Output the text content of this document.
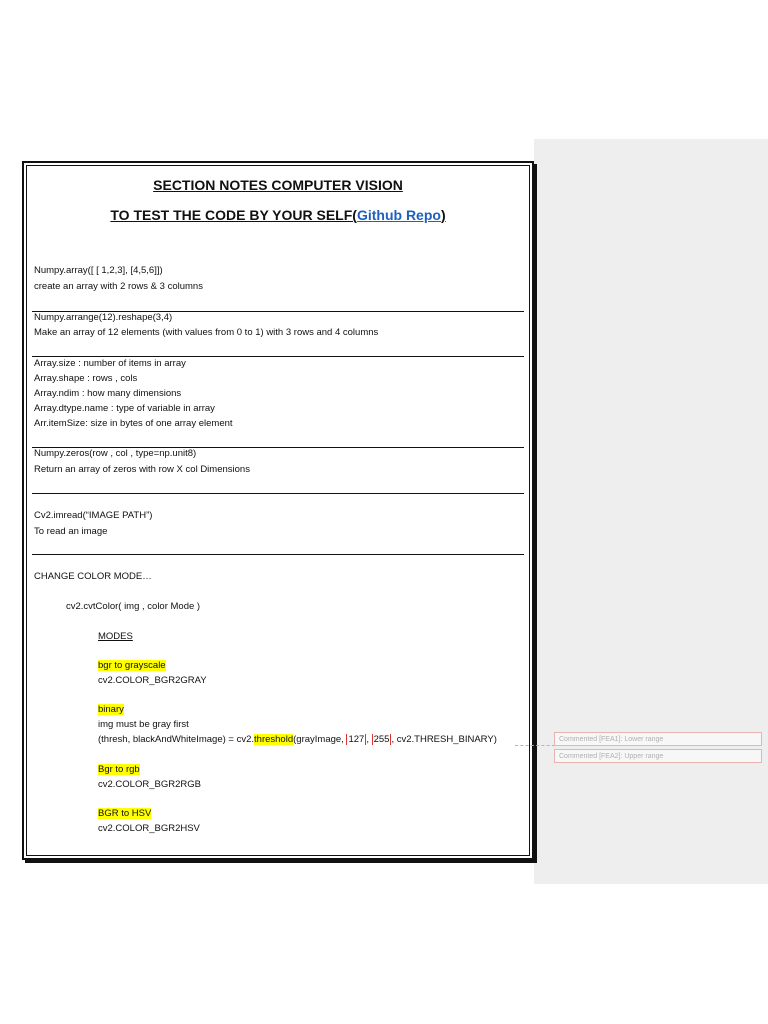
SECTION NOTES COMPUTER VISION
TO TEST THE CODE BY YOUR SELF(Github Repo)
Numpy.array([ [ 1,2,3], [4,5,6]])
create an array with 2 rows & 3 columns
Numpy.arrange(12).reshape(3,4)
Make an array of 12 elements (with values from 0 to 1) with 3 rows and 4 columns
Array.size : number of items in array
Array.shape : rows , cols
Array.ndim : how many dimensions
Array.dtype.name : type of variable in array
Arr.itemSize: size in bytes of one array element
Numpy.zeros(row , col , type=np.unit8)
Return an array of zeros with row X col Dimensions
Cv2.imread(“IMAGE PATH”)
To read an image
CHANGE COLOR MODE…
cv2.cvtColor( img , color Mode )
MODES
bgr to grayscale
cv2.COLOR_BGR2GRAY
binary
img must be gray first
(thresh, blackAndWhiteImage) = cv2.threshold(grayImage, 127 , 255 , cv2.THRESH_BINARY)
Bgr to rgb
cv2.COLOR_BGR2RGB
BGR to HSV
cv2.COLOR_BGR2HSV
Commented [FEA1]: Lower range
Commented [FEA2]: Upper range
